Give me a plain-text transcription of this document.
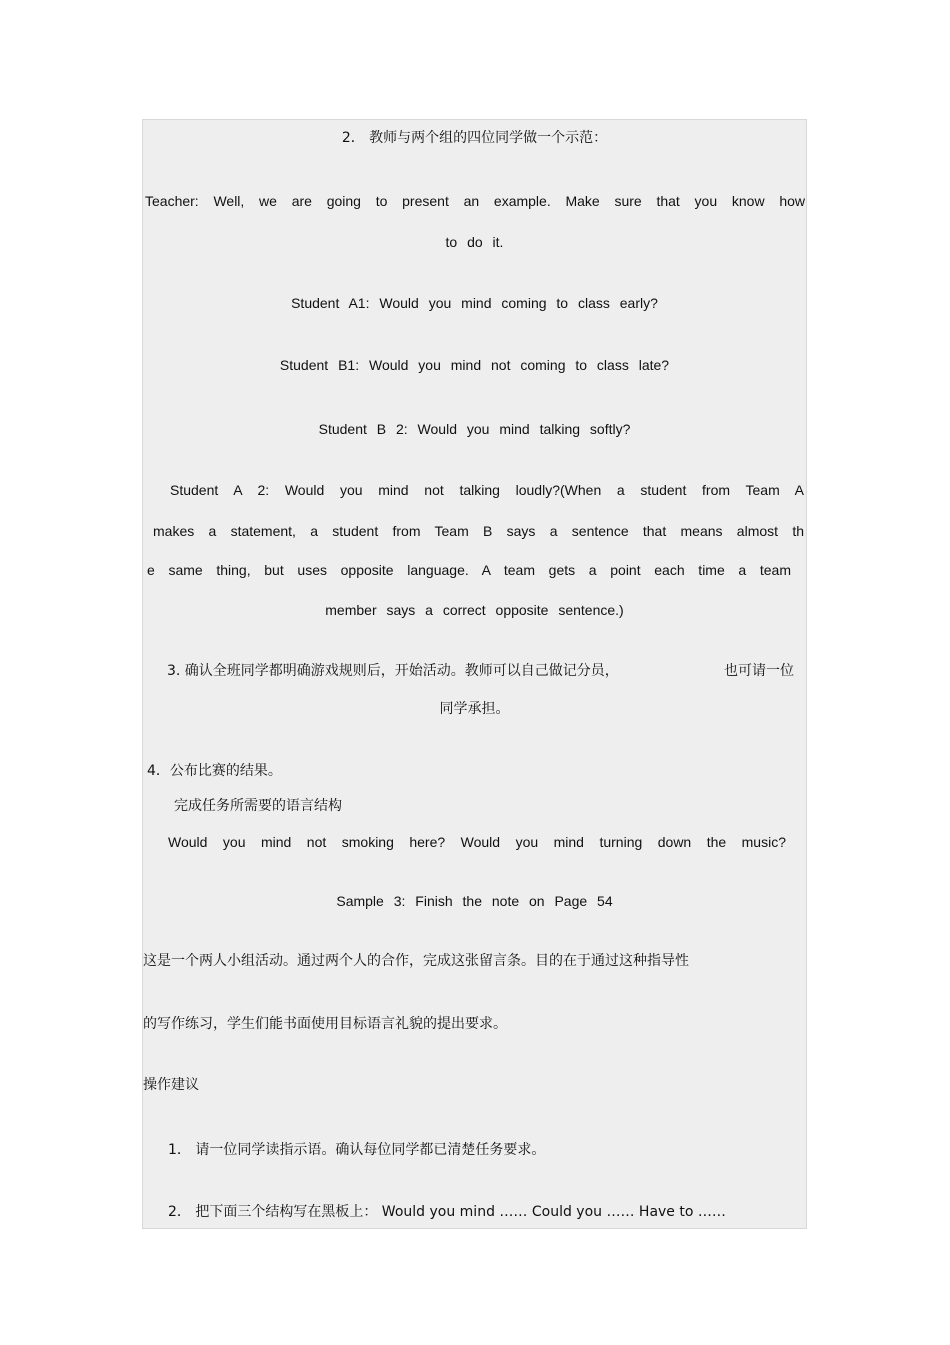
2． 教师与两个组的四位同学做一个示范：
Teacher: Well, we are going to present an example. Make sure that you know how
to do it.
Student A1: Would you mind coming to class early?
Student B1: Would you mind not coming to class late?
Student B 2: Would you mind talking softly?
Student A 2: Would you mind not talking loudly?(When a student from Team A
makes a statement, a student from Team B says a sentence that means almost th
e same thing, but uses opposite language. A team gets a point each time a team
member says a correct opposite sentence.)
3. 确认全班同学都明确游戏规则后，开始活动。教师可以自己做记分员，	也可请一位
同学承担。
4．公布比赛的结果。
完成任务所需要的语言结构
Would you mind not smoking here? Would you mind turning down the music?
Sample 3: Finish the note on Page 54
这是一个两人小组活动。通过两个人的合作，完成这张留言条。目的在于通过这种指导性
的写作练习，学生们能书面使用目标语言礼貌的提出要求。
操作建议
1． 请一位同学读指示语。确认每位同学都已清楚任务要求。
2． 把下面三个结构写在黑板上： Would you mind …… Could you …… Have to ……
